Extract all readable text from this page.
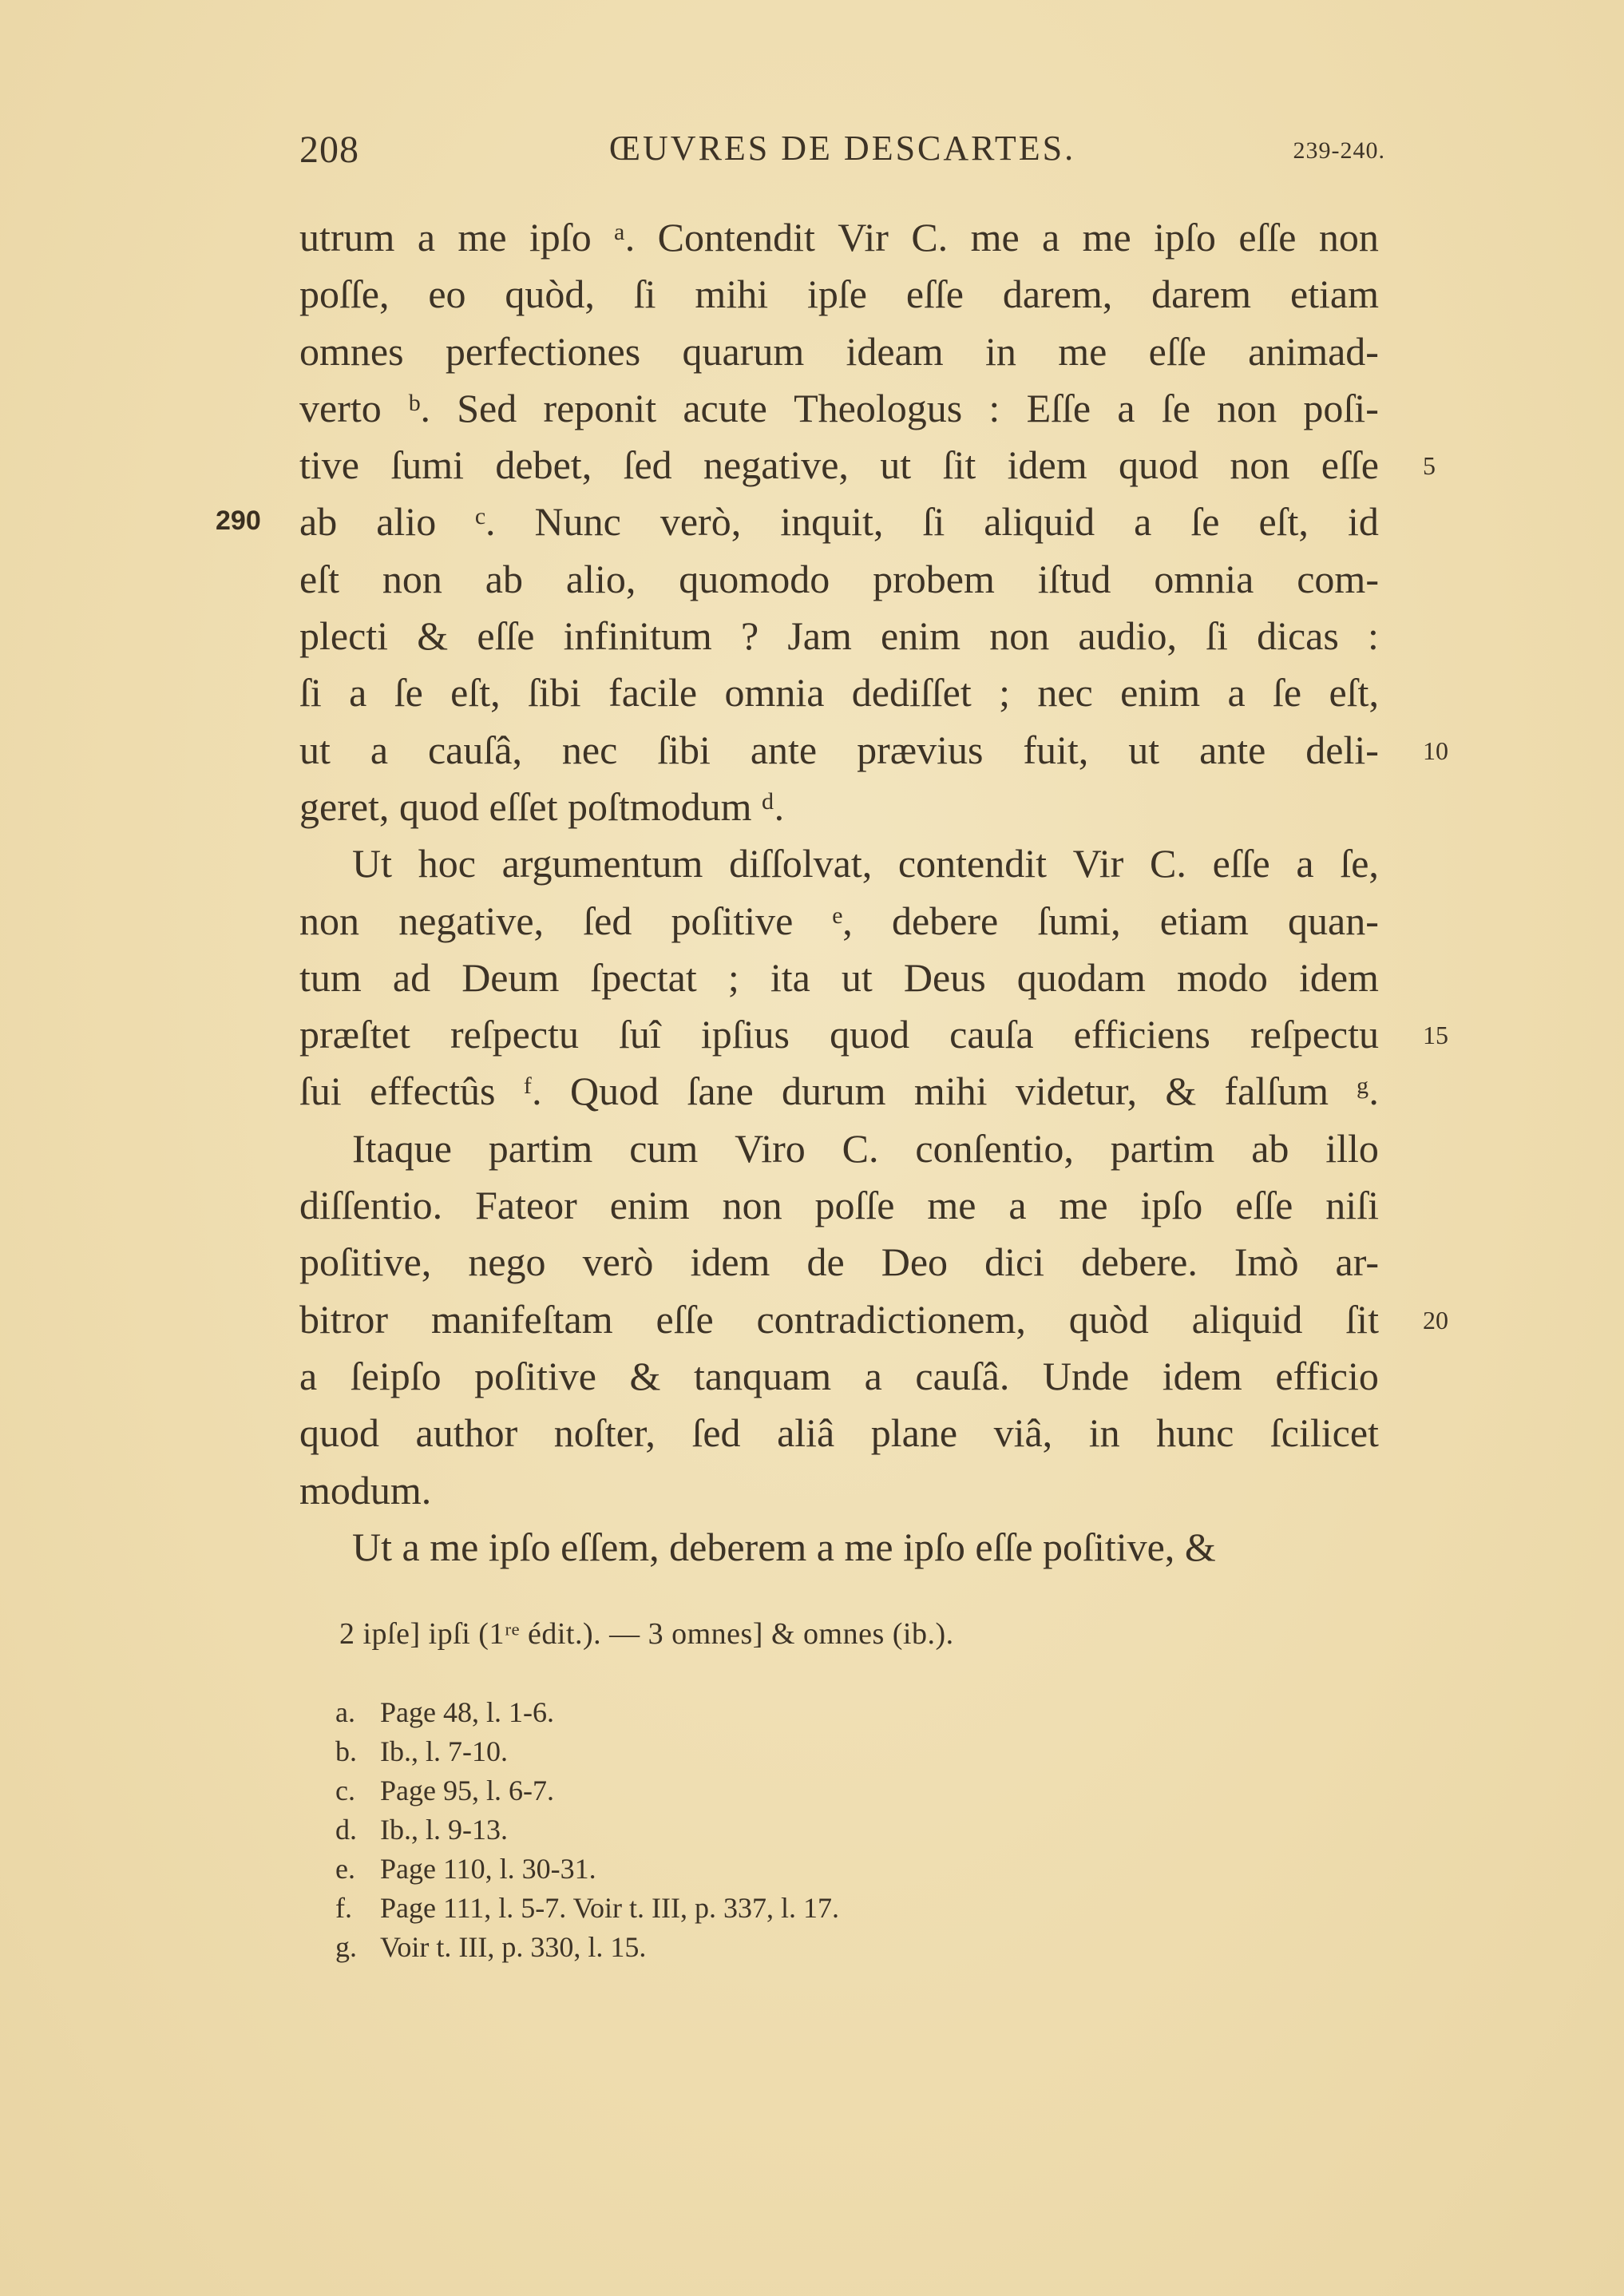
208	ŒUVRES DE DESCARTES.	239-240.
utrum a me ipſo ᵃ. Contendit Vir C. me a me ipſo eſſe non
poſſe, eo quòd, ſi mihi ipſe eſſe darem, darem etiam
omnes perfectiones quarum ideam in me eſſe animad-
verto ᵇ. Sed reponit acute Theologus : Eſſe a ſe non poſi-
tive ſumi debet, ſed negative, ut ſit idem quod non eſſe
ab alio ᶜ. Nunc verò, inquit, ſi aliquid a ſe eſt, id
eſt non ab alio, quomodo probem iſtud omnia com-
plecti & eſſe infinitum ? Jam enim non audio, ſi dicas :
ſi a ſe eſt, ſibi facile omnia dediſſet ; nec enim a ſe eſt,
ut a cauſâ, nec ſibi ante prævius fuit, ut ante deli-
geret, quod eſſet poſtmodum ᵈ.
Ut hoc argumentum diſſolvat, contendit Vir C. eſſe a ſe,
non negative, ſed poſitive ᵉ, debere ſumi, etiam quan-
tum ad Deum ſpectat ; ita ut Deus quodam modo idem
præſtet reſpectu ſuî ipſius quod cauſa efficiens reſpectu
ſui effectûs ᶠ. Quod ſane durum mihi videtur, & falſum ᵍ.
Itaque partim cum Viro C. conſentio, partim ab illo
diſſentio. Fateor enim non poſſe me a me ipſo eſſe niſi
poſitive, nego verò idem de Deo dici debere. Imò ar-
bitror manifeſtam eſſe contradictionem, quòd aliquid ſit
a ſeipſo poſitive & tanquam a cauſâ. Unde idem efficio
quod author noſter, ſed aliâ plane viâ, in hunc ſcilicet
modum.
Ut a me ipſo eſſem, deberem a me ipſo eſſe poſitive, &
290
5
10
15
20
2 ipſe] ipſi (1ʳᵉ édit.). — 3 omnes] & omnes (ib.).
a. Page 48, l. 1-6.
b. Ib., l. 7-10.
c. Page 95, l. 6-7.
d. Ib., l. 9-13.
e. Page 110, l. 30-31.
f. Page 111, l. 5-7. Voir t. III, p. 337, l. 17.
g. Voir t. III, p. 330, l. 15.
